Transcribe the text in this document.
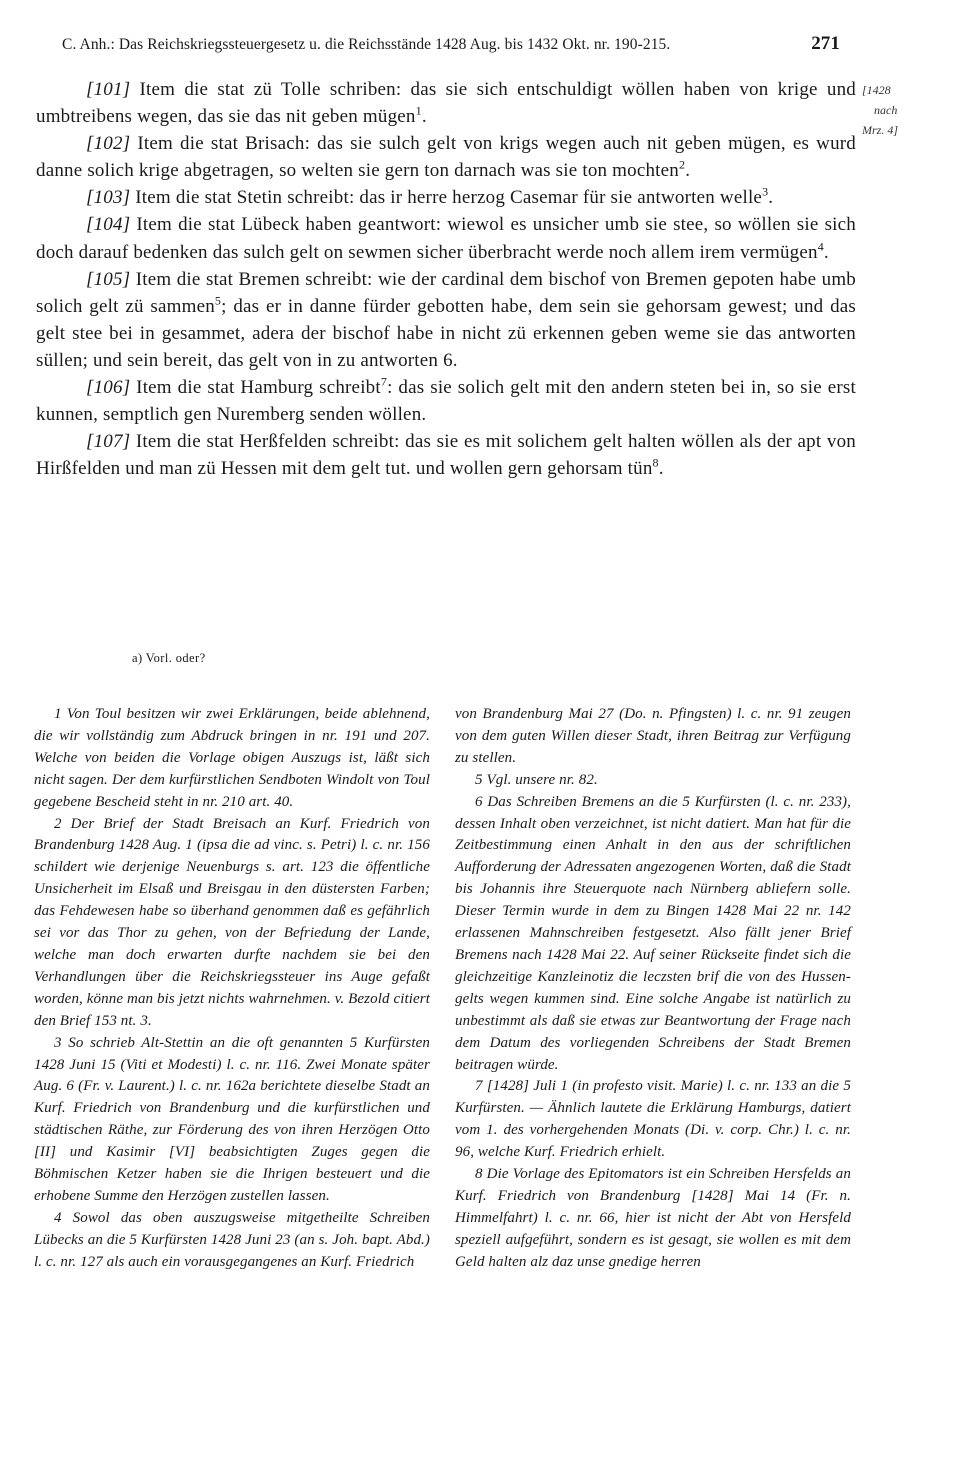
C. Anh.: Das Reichskriegssteuergesetz u. die Reichsstände 1428 Aug. bis 1432 Okt. nr. 190-215.	271
[1428
nach
Mrz. 4]

[101] Item die stat zü Tolle schriben: das sie sich entschuldigt wöllen haben von krige und umbtreibens wegen, das sie das nit geben mügen$^1$.

[102] Item die stat Brisach: das sie sulch gelt von krigs wegen auch nit geben mügen, es wurd danne solich krige abgetragen, so welten sie gern ton darnach was sie ton mochten$^2$.

[103] Item die stat Stetin schreibt: das ir herre herzog Casemar für sie antworten welle$^3$.

[104] Item die stat Lübeck haben geantwort: wiewol es unsicher umb sie stee, so wöllen sie sich doch darauf bedenken das sulch gelt on sewmen sicher überbracht werde noch allem irem vermügen$^4$.

[105] Item die stat Bremen schreibt: wie der cardinal dem bischof von Bremen gepoten habe umb solich gelt zü sammen$^5$; das er in danne fürder gebotten habe, dem sein sie gehorsam gewest; und das gelt stee bei in gesammet, adera der bischof habe in nicht zü erkennen geben weme sie das antworten süllen; und sein bereit, das gelt von in zu antworten 6.

[106] Item die stat Hamburg schreibt$^7$: das sie solich gelt mit den andern steten bei in, so sie erst kunnen, semptlich gen Nuremberg senden wöllen.

[107] Item die stat Herßfelden schreibt: das sie es mit solichem gelt halten wöllen als der apt von Hirßfelden und man zü Hessen mit dem gelt tut. und wollen gern gehorsam tün$^8$.

a) Vorl. oder?

1 Von Toul besitzen wir zwei Erklärungen, beide ablehnend, die wir vollständig zum Abdruck bringen in nr. 191 und 207. Welche von beiden die Vorlage obigen Auszugs ist, läßt sich nicht sagen. Der dem kurfürstlichen Sendboten Windolt von Toul gegebene Bescheid steht in nr. 210 art. 40.

2 Der Brief der Stadt Breisach an Kurf. Friedrich von Brandenburg 1428 Aug. 1 (ipsa die ad vinc. s. Petri) l. c. nr. 156 schildert wie derjenige Neuenburgs s. art. 123 die öffentliche Unsicherheit im Elsaß und Breisgau in den düstersten Farben; das Fehdewesen habe so überhand genommen daß es gefährlich sei vor das Thor zu gehen, von der Befriedung der Lande, welche man doch erwarten durfte nachdem sie bei den Verhandlungen über die Reichskriegssteuer ins Auge gefaßt worden, könne man bis jetzt nichts wahrnehmen. v. Bezold citiert den Brief 153 nt. 3.

3 So schrieb Alt-Stettin an die oft genannten 5 Kurfürsten 1428 Juni 15 (Viti et Modesti) l. c. nr. 116. Zwei Monate später Aug. 6 (Fr. v. Laurent.) l. c. nr. 162a berichtete dieselbe Stadt an Kurf. Friedrich von Brandenburg und die kurfürstlichen und städtischen Räthe, zur Förderung des von ihren Herzögen Otto [II] und Kasimir [VI] beabsichtigten Zuges gegen die Böhmischen Ketzer haben sie die Ihrigen besteuert und die erhobene Summe den Herzögen zustellen lassen.

4 Sowol das oben auszugsweise mitgetheilte Schreiben Lübecks an die 5 Kurfürsten 1428 Juni 23 (an s. Joh. bapt. Abd.) l. c. nr. 127 als auch ein vorausgegangenes an Kurf. Friedrich

von Brandenburg Mai 27 (Do. n. Pfingsten) l. c. nr. 91 zeugen von dem guten Willen dieser Stadt, ihren Beitrag zur Verfügung zu stellen.

5 Vgl. unsere nr. 82.

6 Das Schreiben Bremens an die 5 Kurfürsten (l. c. nr. 233), dessen Inhalt oben verzeichnet, ist nicht datiert. Man hat für die Zeitbestimmung einen Anhalt in den aus der schriftlichen Aufforderung der Adressaten angezogenen Worten, daß die Stadt bis Johannis ihre Steuerquote nach Nürnberg abliefern solle. Dieser Termin wurde in dem zu Bingen 1428 Mai 22 nr. 142 erlassenen Mahnschreiben festgesetzt. Also fällt jener Brief Bremens nach 1428 Mai 22. Auf seiner Rückseite findet sich die gleichzeitige Kanzleinotiz die leczsten brif die von des Hussen-gelts wegen kummen sind. Eine solche Angabe ist natürlich zu unbestimmt als daß sie etwas zur Beantwortung der Frage nach dem Datum des vorliegenden Schreibens der Stadt Bremen beitragen würde.

7 [1428] Juli 1 (in profesto visit. Marie) l. c. nr. 133 an die 5 Kurfürsten. — Ähnlich lautete die Erklärung Hamburgs, datiert vom 1. des vorhergehenden Monats (Di. v. corp. Chr.) l. c. nr. 96, welche Kurf. Friedrich erhielt.

8 Die Vorlage des Epitomators ist ein Schreiben Hersfelds an Kurf. Friedrich von Brandenburg [1428] Mai 14 (Fr. n. Himmelfahrt) l. c. nr. 66, hier ist nicht der Abt von Hersfeld speziell aufgeführt, sondern es ist gesagt, sie wollen es mit dem Geld halten alz daz unse gnedige herren
